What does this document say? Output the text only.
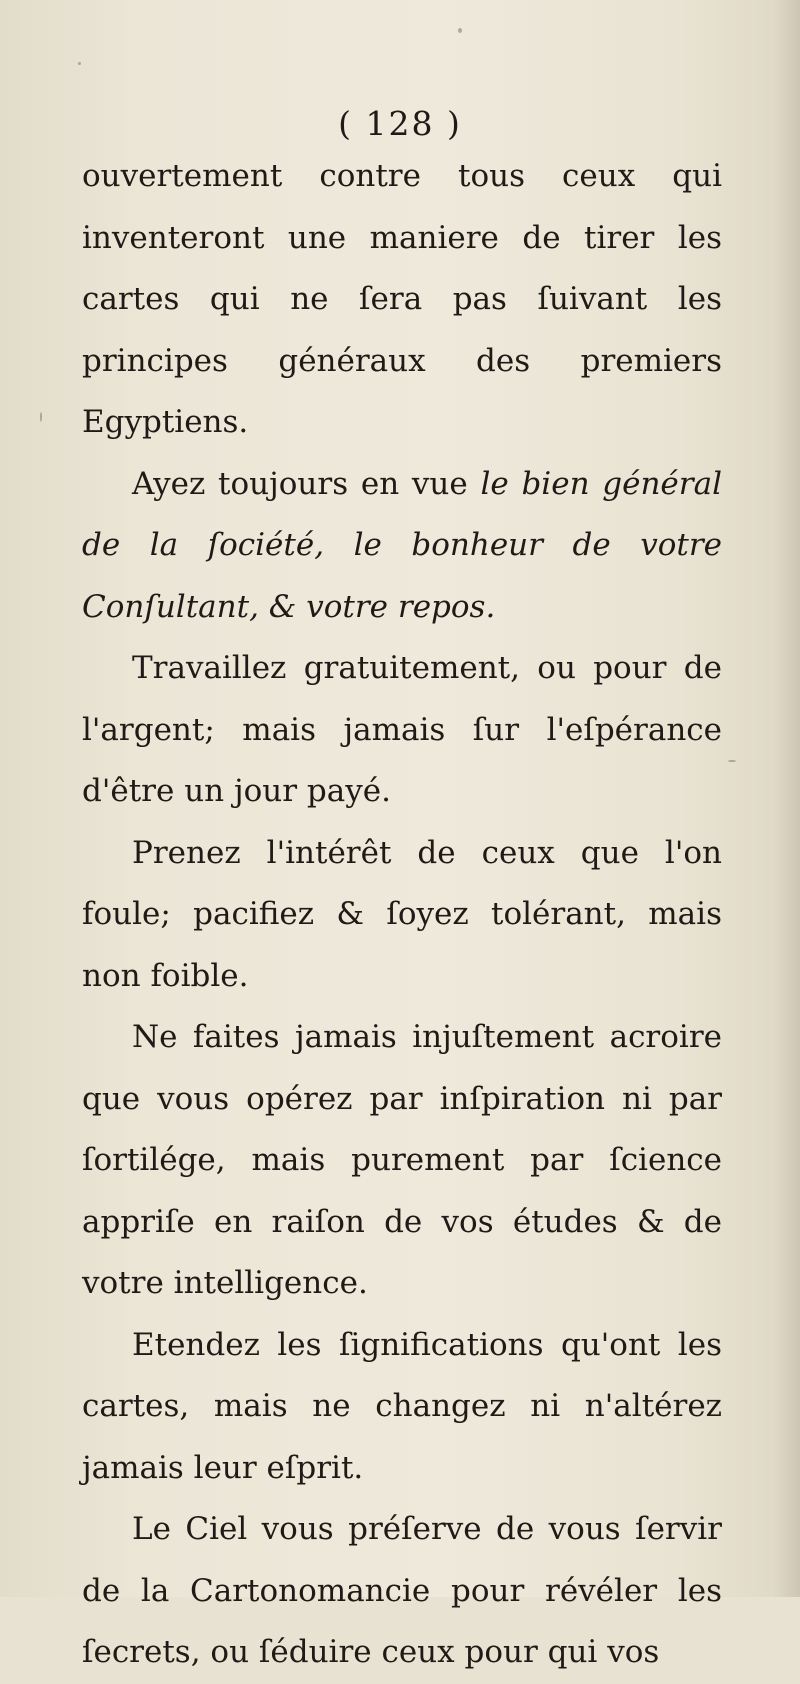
( 128 )

ouvertement contre tous ceux qui inventeront une maniere de tirer les cartes qui ne ſera pas ſuivant les principes généraux des premiers Egyptiens.

Ayez toujours en vue le bien général de la ſociété, le bonheur de votre Conſultant, & votre repos.

Travaillez gratuitement, ou pour de l'argent; mais jamais ſur l'eſpérance d'être un jour payé.

Prenez l'intérêt de ceux que l'on foule; pacifiez & ſoyez tolérant, mais non foible.

Ne faites jamais injuſtement acroire que vous opérez par inſpiration ni par ſortilége, mais purement par ſcience appriſe en raiſon de vos études & de votre intelligence.

Etendez les ſignifications qu'ont les cartes, mais ne changez ni n'altérez jamais leur eſprit.

Le Ciel vous préſerve de vous ſervir de la Cartonomancie pour révéler les ſecrets, ou ſéduire ceux pour qui vos
